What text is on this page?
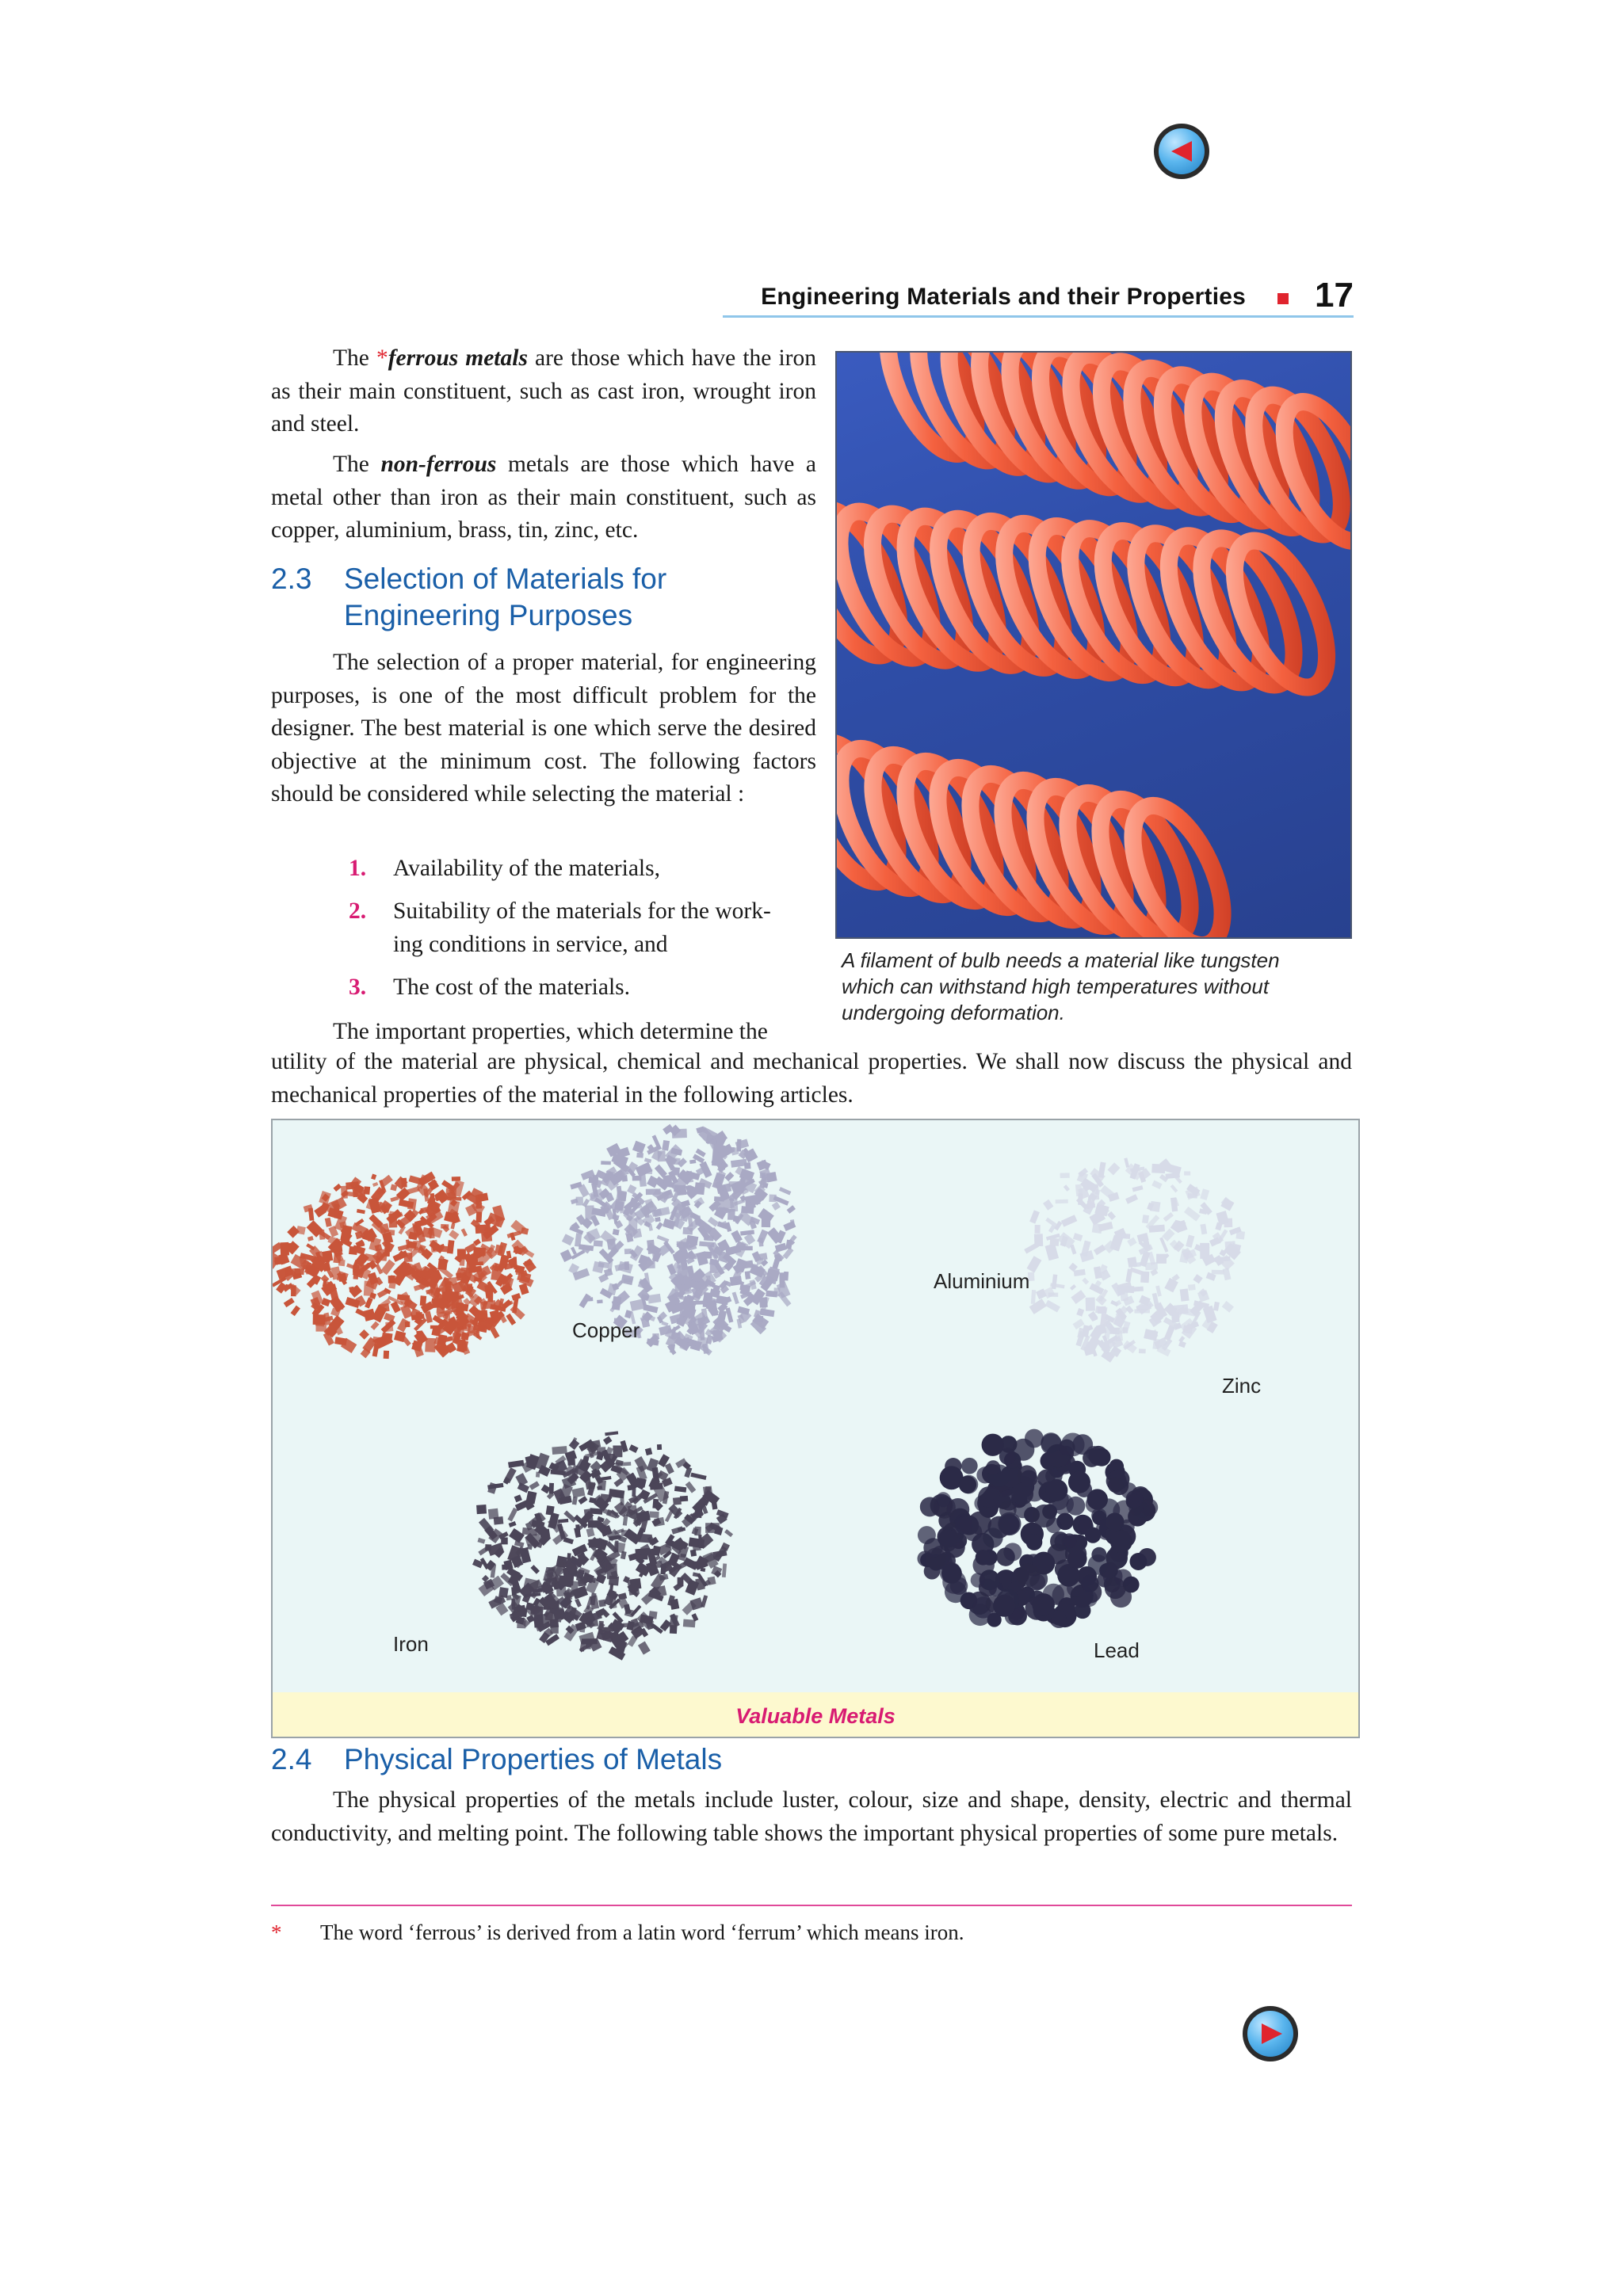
Engineering Materials and their Properties 17

The *ferrous metals are those which have the iron as their main constituent, such as cast iron, wrought iron and steel.

The non-ferrous metals are those which have a metal other than iron as their main constituent, such as copper, aluminium, brass, tin, zinc, etc.

2.3 Selection of Materials for
Engineering Purposes

The selection of a proper material, for engineering purposes, is one of the most difficult problem for the designer. The best material is one which serve the desired objective at the minimum cost. The following factors should be considered while selecting the material :

1. Availability of the materials,
2. Suitability of the materials for the work-
ing conditions in service, and
3. The cost of the materials.
The important properties, which determine the

utility of the material are physical, chemical and mechanical properties. We shall now discuss the physical and mechanical properties of the material in the following articles.

A filament of bulb needs a material like tungsten
which can withstand high temperatures without
undergoing deformation.
Copper
Aluminium
Zinc
Iron	Lead
Valuable Metals
2.4 Physical Properties of Metals

The physical properties of the metals include luster, colour, size and shape, density, electric and thermal conductivity, and melting point. The following table shows the important physical properties of some pure metals.

* The word ‘ferrous’ is derived from a latin word ‘ferrum’ which means iron.
